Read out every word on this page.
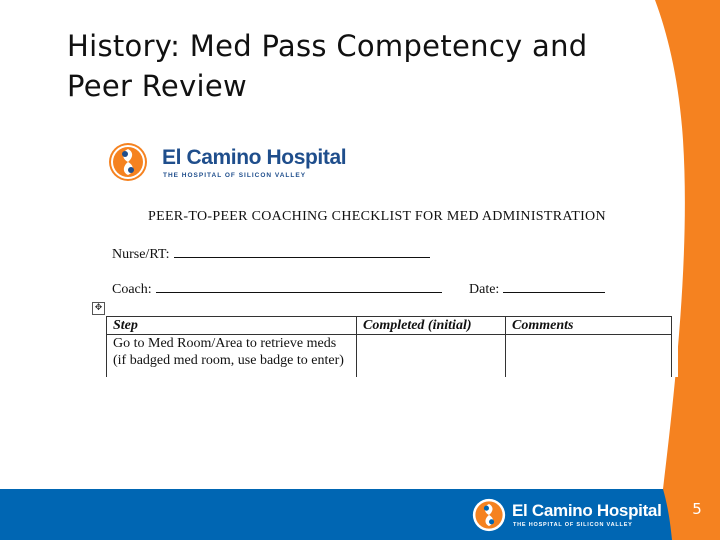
History: Med Pass Competency and Peer Review
El Camino Hospital
THE HOSPITAL OF SILICON VALLEY
PEER-TO-PEER COACHING CHECKLIST FOR MED ADMINISTRATION
Nurse/RT:
Coach:	Date:
✥
Step	Completed (initial)	Comments
Go to Med Room/Area to retrieve meds (if badged med room, use badge to enter)		
El Camino Hospital
THE HOSPITAL OF SILICON VALLEY
5
